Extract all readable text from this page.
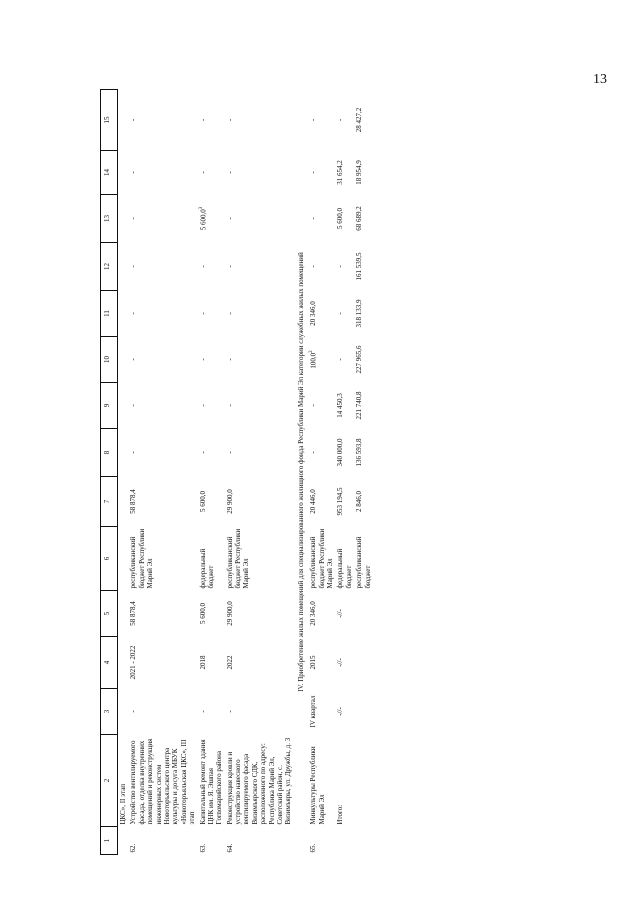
13
1	2	3	4	5	6	7	8	9	10	11	12	13	14	15
	ЦКС», II этап													
62.	Устройство вентилируемого фасада, отделка внутренних помещений и реконструкция инженерных систем Новоторъяльского центра культуры и досуга МБУК «Новоторъяльская ЦКС», III этап	-	2021 - 2022	58 878,4	республиканский бюджет Республики Марий Эл	58 878,4	-	-	-	-	-	-	-	-
63.	Капитальный ремонт здания ЦНК им. Я. Эшпая Гornомарийского района	-	2018	5 600,0	федеральный бюджет	5 600,0	-	-	-	-	-	5 600,0$^3$	-	-
64.	Реконструкция кровли и устройство навесного вентилируемого фасада Визимъярского СДК, расположенного по адресу: Республика Марий Эл, Советский район, с. Визимъяры, ул. Дружбы, д. 3	-	2022	29 900,0	республиканский бюджет Республики Марий Эл	29 900,0	-	-	-	-	-	-	-	-
IV. Приобретение жилых помещений для специализированного жилищного фонда Республики Марий Эл категории служебных жилых помещений														
65.	Минкультуры Республики Марий Эл	IV квартал	2015	20 346,0	республиканский бюджет Республики Марий Эл	20 446,0	-	-	100,0$^2$	20 346,0	-	-	-	-
	Итого:	-//-	-//-	-//-	федеральный бюджет	953 194,5	340 000,0	14 450,3	-	-	-	5 600,0	31 654,2	-
					республиканский бюджет	2 846,0	136 593,8	221 740,8	227 965,6	318 133,9	161 539,5	68 689,2	18 954,9	28 427,2
